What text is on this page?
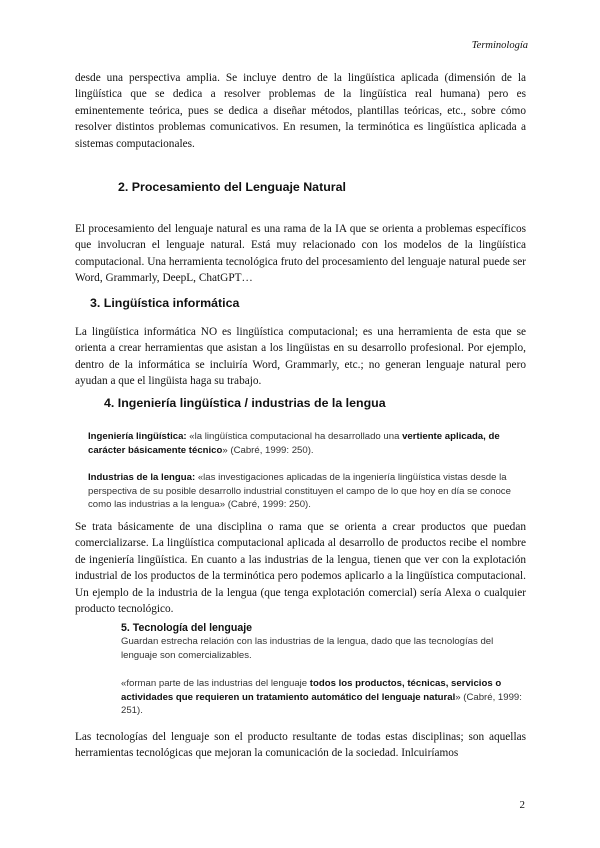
Terminología

desde una perspectiva amplia. Se incluye dentro de la lingüística aplicada (dimensión de la lingüística que se dedica a resolver problemas de la lingüística real humana) pero es eminentemente teórica, pues se dedica a diseñar métodos, plantillas teóricas, etc., sobre cómo resolver distintos problemas comunicativos. En resumen, la terminótica es lingüística aplicada a sistemas computacionales.

2. Procesamiento del Lenguaje Natural

El procesamiento del lenguaje natural es una rama de la IA que se orienta a problemas específicos que involucran el lenguaje natural. Está muy relacionado con los modelos de la lingüística computacional. Una herramienta tecnológica fruto del procesamiento del lenguaje natural puede ser Word, Grammarly, DeepL, ChatGPT…

3. Lingüística informática

La lingüística informática NO es lingüística computacional; es una herramienta de esta que se orienta a crear herramientas que asistan a los lingüistas en su desarrollo profesional. Por ejemplo, dentro de la informática se incluiría Word, Grammarly, etc.; no generan lenguaje natural pero ayudan a que el lingüista haga su trabajo.

4. Ingeniería lingüística / industrias de la lengua

Ingeniería lingüística: «la lingüística computacional ha desarrollado una vertiente aplicada, de carácter básicamente técnico» (Cabré, 1999: 250).

Industrias de la lengua: «las investigaciones aplicadas de la ingeniería lingüística vistas desde la perspectiva de su posible desarrollo industrial constituyen el campo de lo que hoy en día se conoce como las industrias a la lengua» (Cabré, 1999: 250).

Se trata básicamente de una disciplina o rama que se orienta a crear productos que puedan comercializarse. La lingüística computacional aplicada al desarrollo de productos recibe el nombre de ingeniería lingüística. En cuanto a las industrias de la lengua, tienen que ver con la explotación industrial de los productos de la terminótica pero podemos aplicarlo a la lingüística computacional. Un ejemplo de la industria de la lengua (que tenga explotación comercial) sería Alexa o cualquier producto tecnológico.

5. Tecnología del lenguaje

Guardan estrecha relación con las industrias de la lengua, dado que las tecnologías del lenguaje son comercializables.

«forman parte de las industrias del lenguaje todos los productos, técnicas, servicios o actividades que requieren un tratamiento automático del lenguaje natural» (Cabré, 1999: 251).

Las tecnologías del lenguaje son el producto resultante de todas estas disciplinas; son aquellas herramientas tecnológicas que mejoran la comunicación de la sociedad. Inlcuiríamos

2
